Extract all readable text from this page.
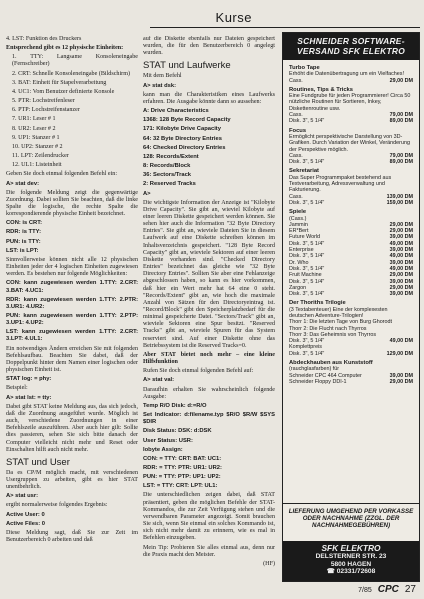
Kurse

4. LST: Funktion des Druckers

Entsprechend gibt es 12 physische Einheiten:

1. TTY: Langsame Konsoleneingabe (Fernschreiber)

2. CRT: Schnelle Konsoleneingabe (Bildschirm)

3. BAT: Einheit für Stapelverarbeitung

4. UC1: Vom Benutzer definierte Konsole

5. PTR: Lochstreifenleser

6. PTP: Lochstreifenstanzer

7. UR1: Leser # 1

8. UR2: Leser # 2

9. UP1: Stanzer # 1

10. UP2: Stanzer # 2

11. LPT: Zeilendrucker

12. UL1: Listeinheit

Geben Sie doch einmal folgenden Befehl ein:

A> stat dev:

Die folgende Meldung zeigt die gegenwärtige Zuordnung. Dabei sollten Sie beachten, daß die linke Spalte die logische, die rechte Spalte die korrespondierende physische Einheit bezeichnet.

CON: is CRT:

RDR: is TTY:

PUN: is TTY:

LST: is LPT:

Sinnvollerweise können nicht alle 12 physischen Einheiten jeder der 4 logischen Einheiten zugewiesen werden. Es bestehen nur folgende Möglichkeiten:

CON: kann zugewiesen werden 1.TTY: 2.CRT: 3.BAT: 4.UC1:

RDR: kann zugewiesen werden 1.TTY: 2.PTR: 3.UR1: 4.UR2:

PUN: kann zugewiesen werden 1.TTY: 2.PTP: 3.UP1: 4.UP2:

LST: kann zugewiesen werden 1.TTY: 2.CRT: 3.LPT: 4.UL1:

Ein notwendiges Ändern erreichen Sie mit folgenden Befehlsaufbau. Beachten Sie dabei, daß der Doppelpunkt hinter dem Namen einer logischen oder physischen Einheit ist.

STAT log: = phy:

Beispiel:

A> stat lst: = tty:

Dabei gibt STAT keine Meldung aus, das sich jedoch, daß die Zuordnung ausgeführt wurde. Möglich ist auch, verschiedene Zuordnungen in einer Befehlszeile auszuführen. Aber auch hier gilt: Sollte dies passieren, sehen Sie sich bitte danach der Computer vielleicht nicht mehr und Reset oder Einschalten hilft auch nicht mehr.

STAT und User

Da es CP/M möglich macht, mit verschiedenen Usergruppen zu arbeiten, gibt es hier STAT unentbehrlich.

A> stat usr:

ergibt normalerweise folgendes Ergebnis:

Active User: 0

Active Files: 0

Diese Meldung sagt, daß Sie zur Zeit im Benutzerbereich 0 arbeiten und daß

auf die Diskette ebenfalls nur Dateien gespeichert wurden, die für den Benutzerbereich 0 angelegt wurden.

STAT und Laufwerke

Mit dem Befehl

A> stat dsk:

kann man die Charakteristiken eines Laufwerks erfahren. Die Ausgabe könnte dann so aussehen:

A: Drive Characteristics

1368: 128 Byte Record Capacity

171: Kilobyte Drive Capacity

64: 32 Byte Directory Entries

64: Checked Directory Entries

128: Records/Extent

8: Records/Block

36: Sectors/Track

2: Reserved Tracks

A>

Die wichtigste Information der Anzeige ist "Kilobyte Drive Capacity". Sie gibt an, wieviel Kilobyte auf einer leeren Diskette gespeichert werden können. Sie sehen hier auch die Information "32 Byte Directory Entries". Sie gibt an, wieviele Dateien Sie in diesem Laufwerk auf eine Diskette schreiben können im Inhaltsverzeichnis gespeichert. "128 Byte Record Capacity" gibt an, wieviele Sektoren auf einer leeren Diskette vorhanden sind. "Checked Directory Entries" bezeichnet das gleiche wie "32 Byte Directory Entries". Sollten Sie aber eine Fehlanzeige abgeschlossen haben, so kann es hier vorkommen, daß hier ein Wert mehr hat 64 eine 0 steht. "Records/Extent" gibt an, wie hoch die maximale Anzahl von Sätzen für den Directoryeintrag ist. "Record/Block" gibt den Speicherplatzbedarf für die minimal gespeicherte Datei. "Sectors/Track" gibt an, wieviele Sektoren eine Spur besitzt. "Reserved Tracks" gibt an, wieviele Spuren für das System reserviert sind. Auf einer Diskette ohne das Betriebssystem ist die Reserved Tracks=0.

Aber STAT bietet noch mehr – eine kleine Hilfsfunktion

Rufen Sie doch einmal folgenden Befehl auf:

A> stat val:

Daraufhin erhalten Sie wahrscheinlich folgende Ausgabe:

Temp R/O Disk: d:=R/O

Set Indicator: d:filename.typ $R/O $R/W $SYS $DIR

Disk Status: DSK: d:DSK

User Status: USR:

Iobyte Assign:

CON: = TTY: CRT: BAT: UC1:

RDR: = TTY: PTR: UR1: UR2:

PUN: = TTY: PTP: UP1: UP2:

LST: = TTY: CRT: LPT: UL1:

Die unterschiedlichen zeigen dabei, daß STAT präsentiert, geben die möglichen Befehle der STAT-Kommandos, die zur Zeit Verfügung stehen und die verwendbaren Parameter angezeigt. Somit brauchen Sie sich, wenn Sie einmal ein solches Kommando ist, sich nicht mehr damit zu erinnern, wie es mal in Befehlen einzugeben.

Mein Tip: Probieren Sie alles einmal aus, denn nur die Praxis macht den Meister.

(HF)

SCHNEIDER SOFTWARE-VERSAND SFK ELEKTRO
Turbo Tape

Erhöht die Datenübertragung um ein Vielfaches!

Cass.	29,00 DM
Routines, Tips & Tricks

Eine Fundgrube für jeden Programmierer! Circa 50 nützliche Routinen für Sortieren, Inkey, Diskettenroutine usw.

Cass.	79,00 DM
Disk. 3", 5 1/4"	89,00 DM
Focus

Ermöglicht perspektivische Darstellung von 3D-Grafiken. Durch Variation der Winkel, Veränderung der Perspektive möglich.

Cass.	79,00 DM
Disk. 3", 5 1/4"	89,00 DM
Sekretariat

Das Super Programmpaket bestehend aus Textverarbeitung, Adressverwaltung und Fakturierung.

Cass.	139,00 DM
Disk. 3", 5 1/4"	159,00 DM
Spiele

(Cass.)

Jammin	29,00 DM
ER*Bert	29,00 DM
Future World	39,00 DM
Disk. 3", 5 1/4"	49,00 DM
Enterprise	39,00 DM
Disk. 3", 5 1/4"	49,00 DM
Dr. Who	39,00 DM
Disk. 3", 5 1/4"	49,00 DM
Fruit Machine	29,00 DM
Disk. 3", 5 1/4"	39,00 DM
Zargon	29,00 DM
Disk. 3", 5 1/4"	39,00 DM
Der Thoriths Trilogie

(3 Textabenteuer) Eine der komplexesten deutschen Adventure-Trilogien!

Thorr 1: Die letzten Tage von Burg Ghorodt
Thorr 2: Die Flucht nach Thyrros
Thorr 3: Das Geheimnis von Thyrros
Disk. 3", 5 1/4"	49,00 DM
Komplettpreis
Disk. 3", 5 1/4"	129,00 DM
Abdeckhauben aus Kunststoff

(rauchglasfarben) für

Schneider CPC 464 Computer	39,00 DM
Schneider Floppy DDI-1	29,00 DM
LIEFERUNG UMGEHEND PER VORKASSE ODER NACHNAHME (ZZGL. DER NACHNAHMEGEBÜHREN)
SFK ELEKTRO
DELSTERNER STR. 23
5800 HAGEN
☎ 02331/72608
7/85 CPC 27
